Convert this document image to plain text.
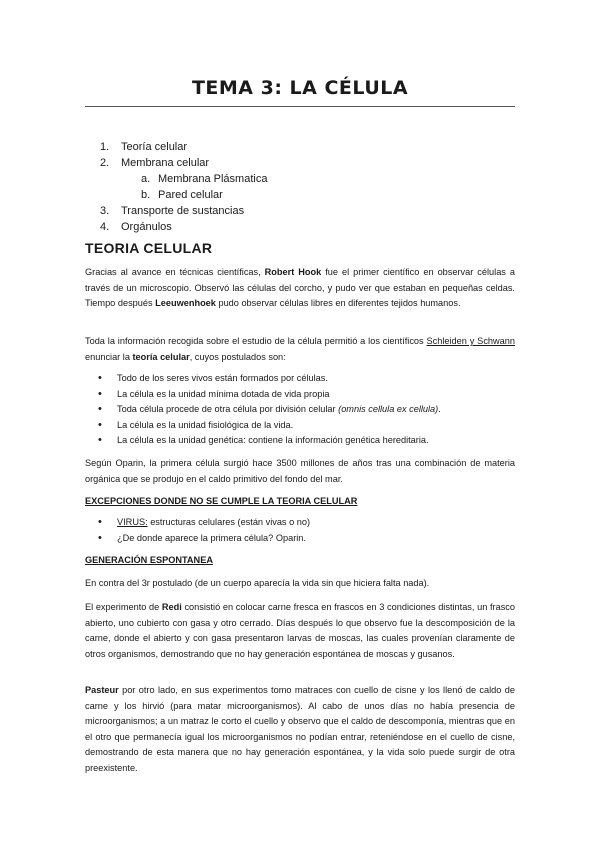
TEMA 3: LA CÉLULA
1.	Teoría celular
2.	Membrana celular
a. Membrana Plásmatica
b. Pared celular
3.	Transporte de sustancias
4.	Orgánulos
TEORIA CELULAR

Gracias al avance en técnicas científicas, Robert Hook fue el primer científico en observar células a través de un microscopio. Observó las células del corcho, y pudo ver que estaban en pequeñas celdas. Tiempo después Leeuwenhoek pudo observar células libres en diferentes tejidos humanos.

Toda la información recogida sobre el estudio de la célula permitió a los científicos Schleiden y Schwann enunciar la teoría celular, cuyos postulados son:

• Todo de los seres vivos están formados por células.
• La célula es la unidad mínima dotada de vida propia
• Toda célula procede de otra célula por división celular (omnis cellula ex cellula).
• La célula es la unidad fisiológica de la vida.
• La célula es la unidad genética: contiene la información genética hereditaria.

Según Oparin, la primera célula surgió hace 3500 millones de años tras una combinación de materia orgánica que se produjo en el caldo primitivo del fondo del mar.

EXCEPCIONES DONDE NO SE CUMPLE LA TEORIA CELULAR
• VIRUS: estructuras celulares (están vivas o no)
• ¿De donde aparece la primera célula? Oparin.
GENERACIÓN ESPONTANEA

En contra del 3r postulado (de un cuerpo aparecía la vida sin que hiciera falta nada).

El experimento de Redi consistió en colocar carne fresca en frascos en 3 condiciones distintas, un frasco abierto, uno cubierto con gasa y otro cerrado. Días después lo que observo fue la descomposición de la carne, donde el abierto y con gasa presentaron larvas de moscas, las cuales provenían claramente de otros organismos, demostrando que no hay generación espontánea de moscas y gusanos.

Pasteur por otro lado, en sus experimentos tomo matraces con cuello de cisne y los llenó de caldo de carne y los hirvió (para matar microorganismos). Al cabo de unos días no había presencia de microorganismos; a un matraz le corto el cuello y observo que el caldo de descomponía, mientras que en el otro que permanecía igual los microorganismos no podían entrar, reteniéndose en el cuello de cisne, demostrando de esta manera que no hay generación espontánea, y la vida solo puede surgir de otra preexistente.
